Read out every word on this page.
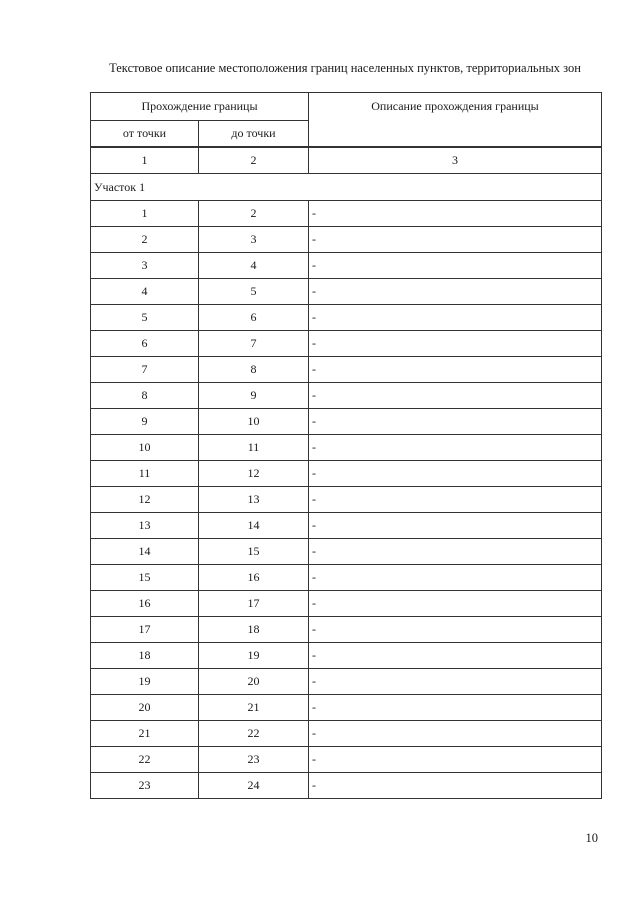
Текстовое описание местоположения границ населенных пунктов, территориальных зон
Прохождение границы		Описание прохождения границы
от точки	до точки	
1	2	3
Участок 1		
1	2	-
2	3	-
3	4	-
4	5	-
5	6	-
6	7	-
7	8	-
8	9	-
9	10	-
10	11	-
11	12	-
12	13	-
13	14	-
14	15	-
15	16	-
16	17	-
17	18	-
18	19	-
19	20	-
20	21	-
21	22	-
22	23	-
23	24	-
10
